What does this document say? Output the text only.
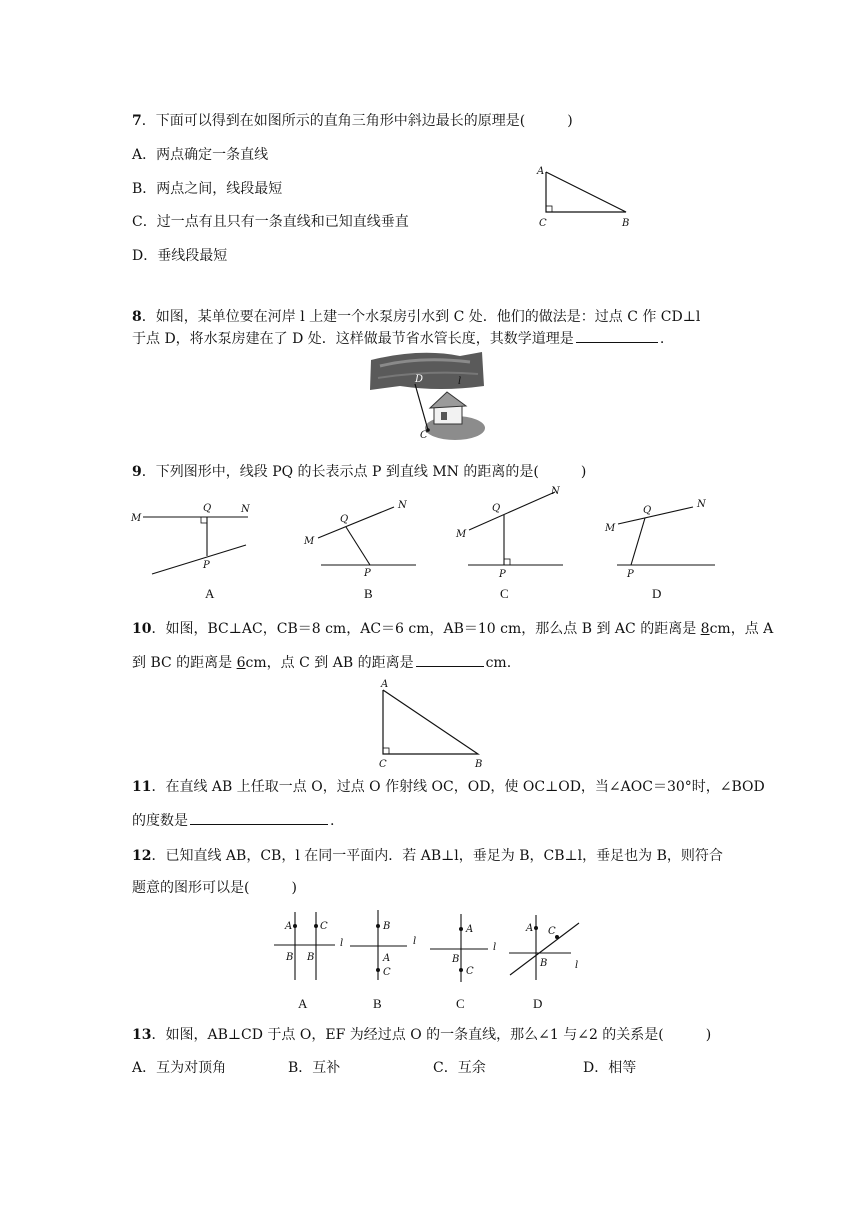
7．下面可以得到在如图所示的直角三角形中斜边最长的原理是(　　　)
A．两点确定一条直线
B．两点之间，线段最短
C．过一点有且只有一条直线和已知直线垂直
D．垂线段最短
A
C	B
8．如图，某单位要在河岸 l 上建一个水泵房引水到 C 处．他们的做法是：过点 C 作 CD⊥l
于点 D，将水泵房建在了 D 处．这样做最节省水管长度，其数学道理是	.
D	l
C
9．下列图形中，线段 PQ 的长表示点 P 到直线 MN 的距离的是(　　　)
M
Q	N
P
M
Q
N
P
M
Q
N
P
M
Q
N
P
A	B	C	D
10．如图，BC⊥AC，CB＝8 cm，AC＝6 cm，AB＝10 cm，那么点 B 到 AC 的距离是 8cm，点 A
到 BC 的距离是 6cm，点 C 到 AB 的距离是	cm.
A
C	B
11．在直线 AB 上任取一点 O，过点 O 作射线 OC，OD，使 OC⊥OD，当∠AOC＝30°时，∠BOD
的度数是	.
12．已知直线 AB，CB，l 在同一平面内．若 AB⊥l，垂足为 B，CB⊥l，垂足也为 B，则符合
题意的图形可以是(　　　)
A	C
B B
l
B
A
C
l
A
B
C
l
A C
B	l
A	B	C	D
13．如图，AB⊥CD 于点 O，EF 为经过点 O 的一条直线，那么∠1 与∠2 的关系是(　　　)
A．互为对顶角	B．互补	C．互余	D．相等
